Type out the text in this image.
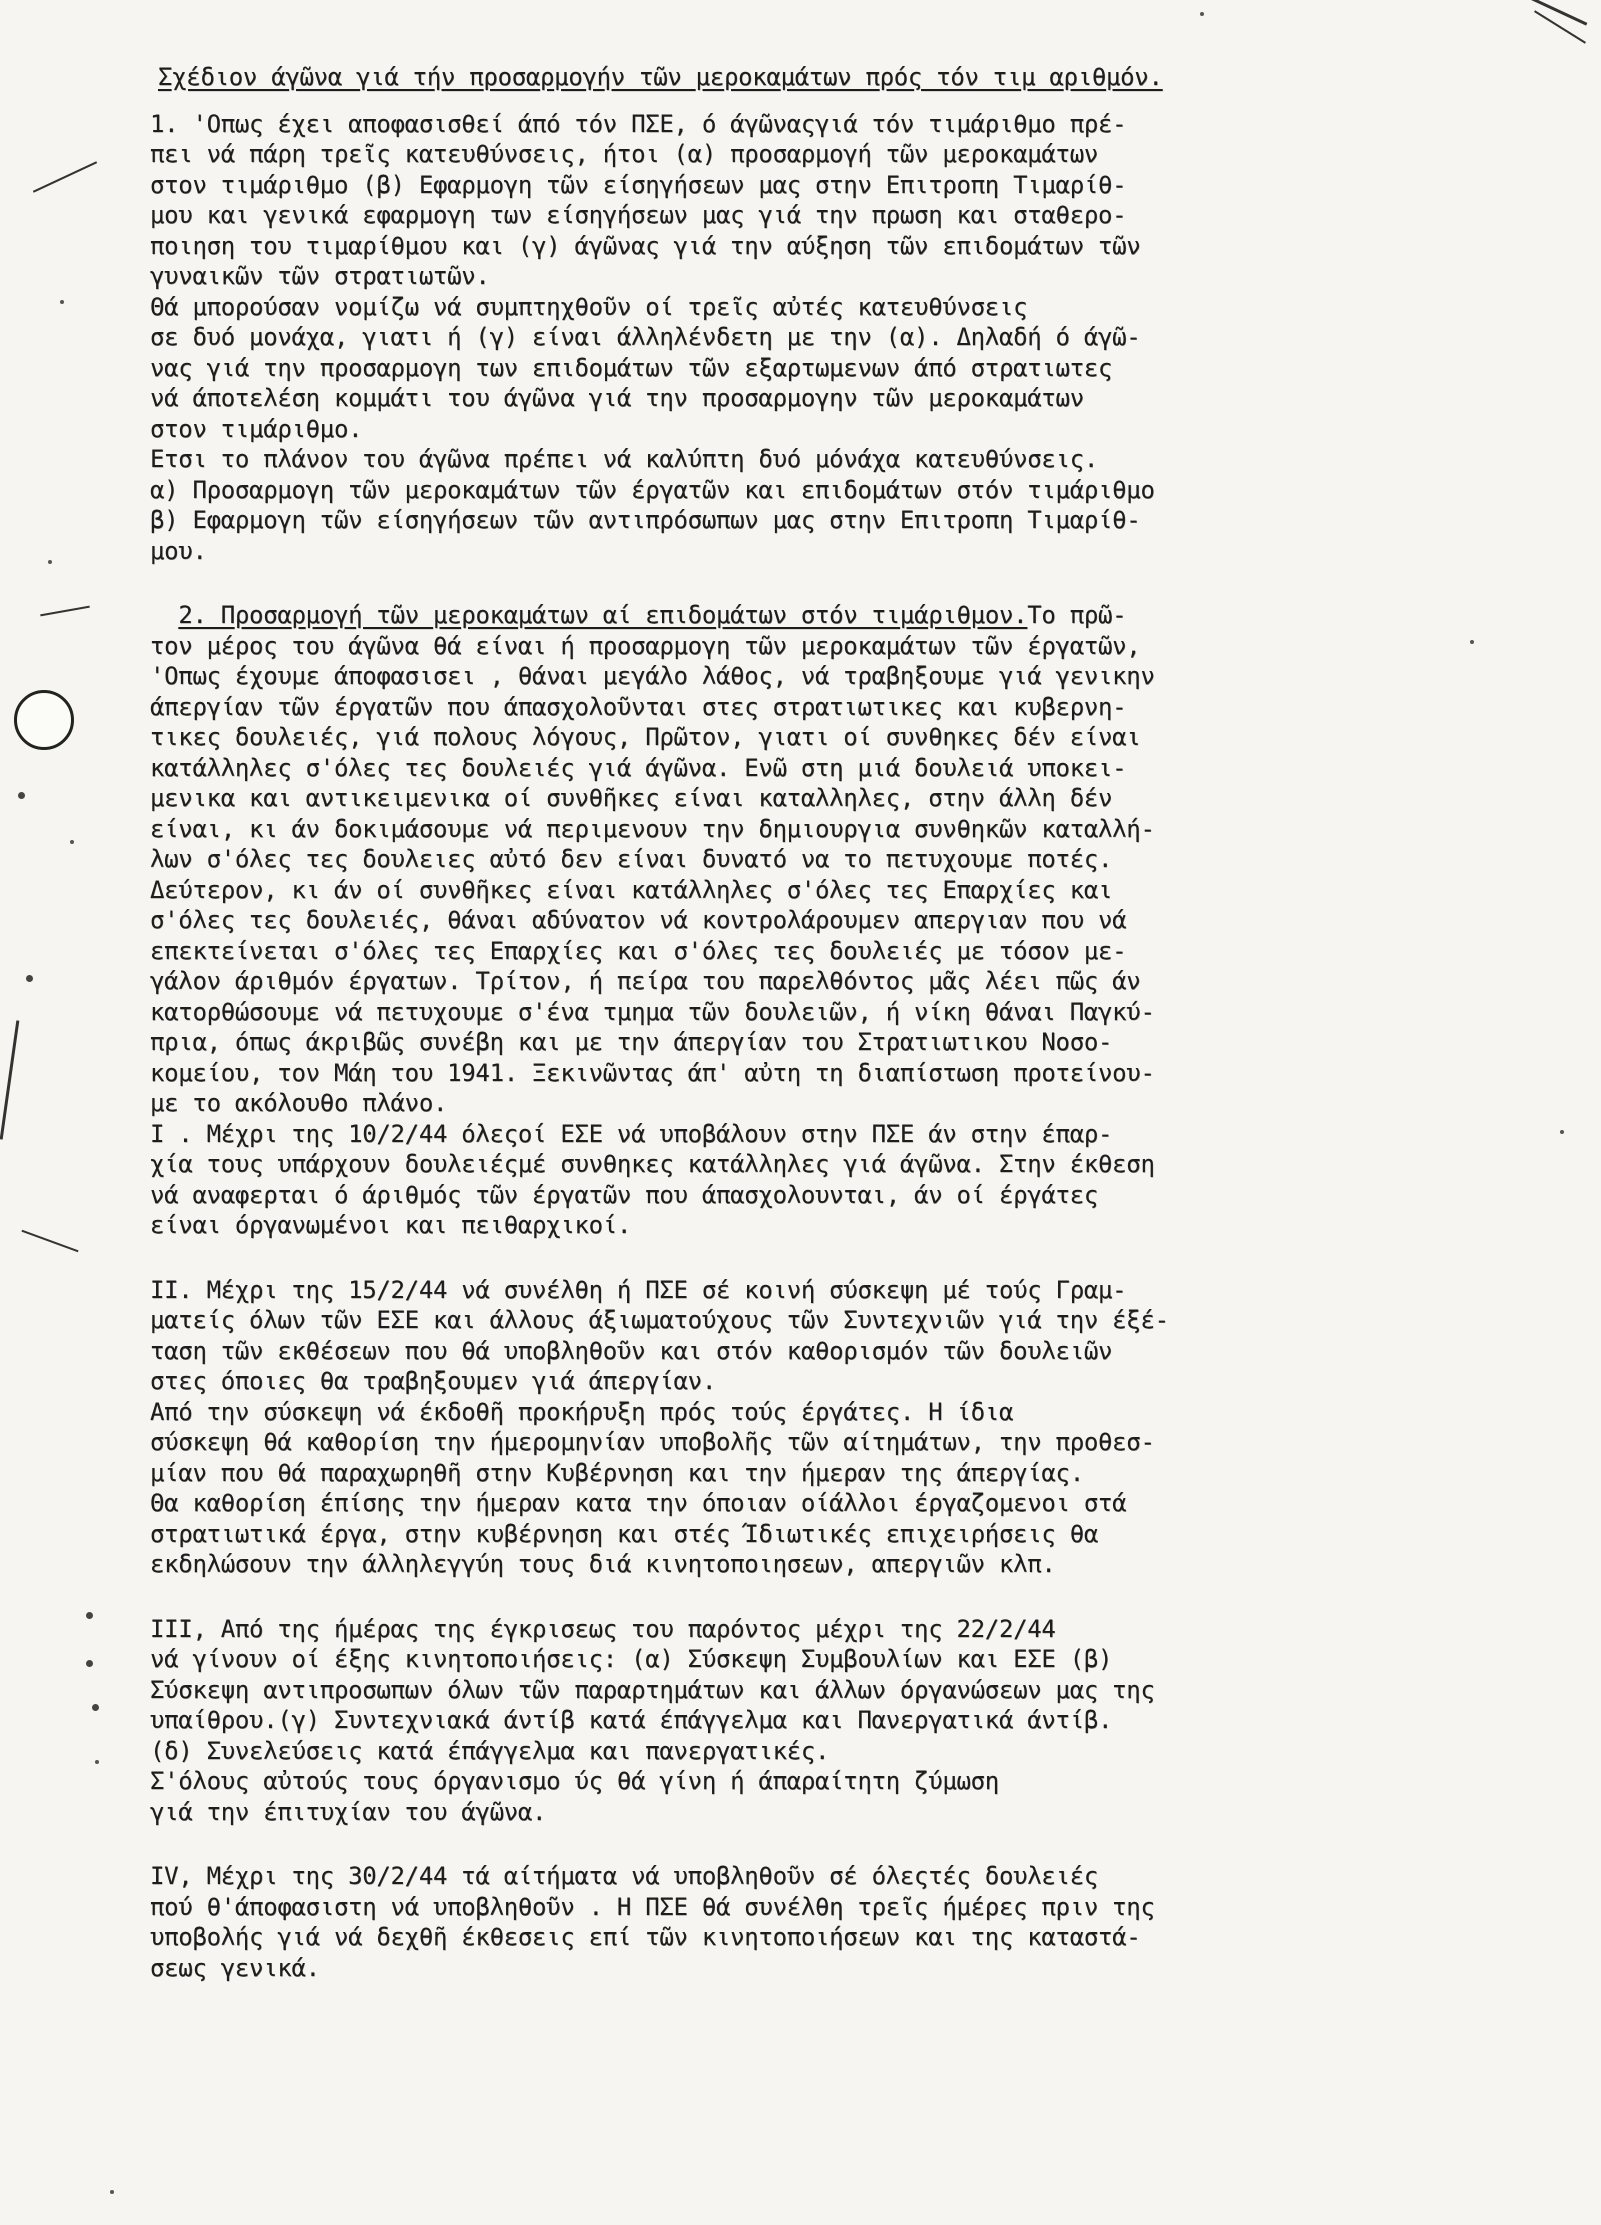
Σχέδιον άγῶνα γιά τήν προσαρμογήν τῶν μεροκαμάτων πρός τόν τιμ αριθμόν.
1. 'Οπως έχει αποφασισθεί άπό τόν ΠΣΕ, ό άγῶναςγιά τόν τιμάριθμο πρέ-
πει νά πάρη τρεῖς κατευθύνσεις, ήτοι (α) προσαρμογή τῶν μεροκαμάτων
στον τιμάριθμο (β) Εφαρμογη τῶν είσηγήσεων μας στην Επιτροπη Τιμαρίθ-
μου και γενικά εφαρμογη των είσηγήσεων μας γιά την πρωση και σταθερο-
ποιηση του τιμαρίθμου και (γ) άγῶνας γιά την αύξηση τῶν επιδομάτων τῶν
γυναικῶν τῶν στρατιωτῶν.
Θά μπορούσαν νομίζω νά συμπτηχθοῦν οί τρεῖς αὐτές κατευθύνσεις
σε δυό μονάχα, γιατι ή (γ) είναι άλληλένδετη με την (α). Δηλαδή ό άγῶ-
νας γιά την προσαρμογη των επιδομάτων τῶν εξαρτωμενων άπό στρατιωτες
νά άποτελέση κομμάτι του άγῶνα γιά την προσαρμογην τῶν μεροκαμάτων
στον τιμάριθμο.
Ετσι το πλάνον του άγῶνα πρέπει νά καλύπτη δυό μόνάχα κατευθύνσεις.
α) Προσαρμογη τῶν μεροκαμάτων τῶν έργατῶν και επιδομάτων στόν τιμάριθμο
β) Εφαρμογη τῶν είσηγήσεων τῶν αντιπρόσωπων μας στην Επιτροπη Τιμαρίθ-
μου.
2. Προσαρμογή τῶν μεροκαμάτων αί επιδομάτων στόν τιμάριθμον.Το πρῶ-
τον μέρος του άγῶνα θά είναι ή προσαρμογη τῶν μεροκαμάτων τῶν έργατῶν,
'Οπως έχουμε άποφασισει , θάναι μεγάλο λάθος, νά τραβηξουμε γιά γενικην
άπεργίαν τῶν έργατῶν που άπασχολοῦνται στες στρατιωτικες και κυβερνη-
τικες δουλειές, γιά πολους λόγους, Πρῶτον, γιατι οί συνθηκες δέν είναι
κατάλληλες σ'όλες τες δουλειές γιά άγῶνα. Ενῶ στη μιά δουλειά υποκει-
μενικα και αντικειμενικα οί συνθῆκες είναι καταλληλες, στην άλλη δέν
είναι, κι άν δοκιμάσουμε νά περιμενουν την δημιουργια συνθηκῶν καταλλή-
λων σ'όλες τες δουλειες αὐτό δεν είναι δυνατό να το πετυχουμε ποτές.
Δεύτερον, κι άν οί συνθῆκες είναι κατάλληλες σ'όλες τες Επαρχίες και
σ'όλες τες δουλειές, θάναι αδύνατον νά κοντρολάρουμεν απεργιαν που νά
επεκτείνεται σ'όλες τες Επαρχίες και σ'όλες τες δουλειές με τόσον με-
γάλον άριθμόν έργατων. Τρίτον, ή πείρα του παρελθόντος μᾶς λέει πῶς άν
κατορθώσουμε νά πετυχουμε σ'ένα τμημα τῶν δουλειῶν, ή νίκη θάναι Παγκύ-
πρια, όπως άκριβῶς συνέβη και με την άπεργίαν του Στρατιωτικου Νοσο-
κομείου, τον Μάη του 1941. Ξεκινῶντας άπ' αὐτη τη διαπίστωση προτείνου-
με το ακόλουθο πλάνο.
I . Μέχρι της 10/2/44 όλεςοί ΕΣΕ νά υποβάλουν στην ΠΣΕ άν στην έπαρ-
χία τους υπάρχουν δουλειέςμέ συνθηκες κατάλληλες γιά άγῶνα. Στην έκθεση
νά αναφερται ό άριθμός τῶν έργατῶν που άπασχολουνται, άν οί έργάτες
είναι όργανωμένοι και πειθαρχικοί.
II. Μέχρι της 15/2/44 νά συνέλθη ή ΠΣΕ σέ κοινή σύσκεψη μέ τούς Γραμ-
ματείς όλων τῶν ΕΣΕ και άλλους άξιωματούχους τῶν Συντεχνιῶν γιά την έξέ-
ταση τῶν εκθέσεων που θά υποβληθοῦν και στόν καθορισμόν τῶν δουλειῶν
στες όποιες θα τραβηξουμεν γιά άπεργίαν.
Από την σύσκεψη νά έκδοθῆ προκήρυξη πρός τούς έργάτες. Η ίδια
σύσκεψη θά καθορίση την ήμερομηνίαν υποβολῆς τῶν αίτημάτων, την προθεσ-
μίαν που θά παραχωρηθῆ στην Κυβέρνηση και την ήμεραν της άπεργίας.
Θα καθορίση έπίσης την ήμεραν κατα την όποιαν οίάλλοι έργαζομενοι στά
στρατιωτικά έργα, στην κυβέρνηση και στές Ίδιωτικές επιχειρήσεις θα
εκδηλώσουν την άλληλεγγύη τους διά κινητοποιησεων, απεργιῶν κλπ.
III, Από της ήμέρας της έγκρισεως του παρόντος μέχρι της 22/2/44
νά γίνουν οί έξης κινητοποιήσεις: (α) Σύσκεψη Συμβουλίων και ΕΣΕ (β)
Σύσκεψη αντιπροσωπων όλων τῶν παραρτημάτων και άλλων όργανώσεων μας της
υπαίθρου.(γ) Συντεχνιακά άντίβ κατά έπάγγελμα και Πανεργατικά άντίβ.
(δ) Συνελεύσεις κατά έπάγγελμα και πανεργατικές.
Σ'όλους αὐτούς τους όργανισμο ύς θά γίνη ή άπαραίτητη ζύμωση
γιά την έπιτυχίαν του άγῶνα.
IV, Μέχρι της 30/2/44 τά αίτήματα νά υποβληθοῦν σέ όλεςτές δουλειές
πού θ'άποφασιστη νά υποβληθοῦν . Η ΠΣΕ θά συνέλθη τρεῖς ήμέρες πριν της
υποβολής γιά νά δεχθῆ έκθεσεις επί τῶν κινητοποιήσεων και της καταστά-
σεως γενικά.
